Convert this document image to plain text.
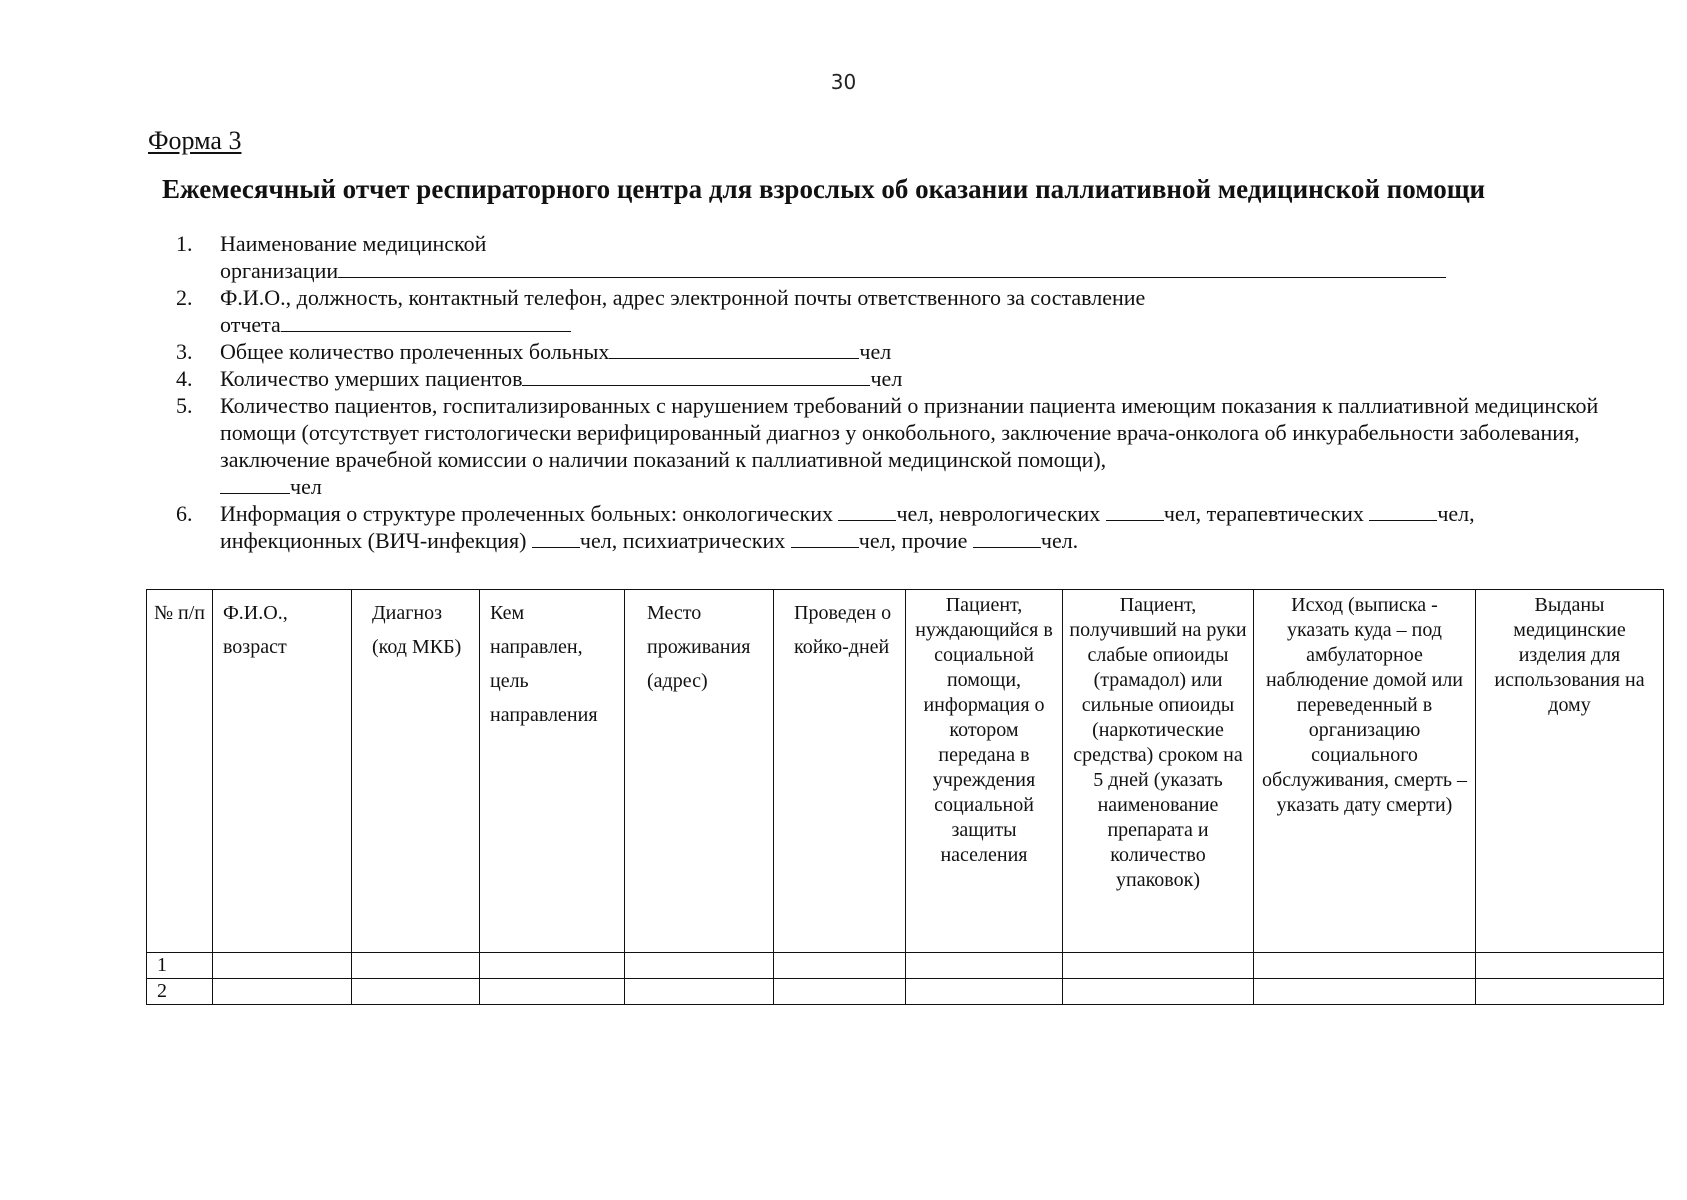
30
Форма 3
Ежемесячный отчет респираторного центра для взрослых об оказании паллиативной медицинской помощи
1.	Наименование медицинской
организации
2.	Ф.И.О., должность, контактный телефон, адрес электронной почты ответственного за составление
отчета
3.	Общее количество пролеченных больных	чел
4.	Количество умерших пациентов	чел
5.	Количество пациентов, госпитализированных с нарушением требований о признании пациента имеющим показания к паллиативной медицинской помощи (отсутствует гистологически верифицированный диагноз у онкобольного, заключение врача-онколога об инкурабельности заболевания, заключение врачебной комиссии о наличии показаний к паллиативной медицинской помощи),
чел
6.	Информация о структуре пролеченных больных: онкологических	чел, неврологических	чел, терапевтических	чел,
инфекционных (ВИЧ-инфекция) чел, психиатрических	чел, прочие	чел.
№ п/п	Ф.И.О., возраст	Диагноз (код МКБ)	Кем направлен, цель направления	Место проживания (адрес)	Проведен о койко-дней	Пациент, нуждающийся в социальной помощи, информация о котором передана в учреждения социальной защиты населения	Пациент, получивший на руки слабые опиоиды (трамадол) или сильные опиоиды (наркотические средства) сроком на 5 дней (указать наименование препарата и количество упаковок)	Исход (выписка - указать куда – под амбулаторное наблюдение домой или переведенный в организацию социального обслуживания, смерть – указать дату смерти)	Выданы медицинские изделия для использования на дому
1									
2									
